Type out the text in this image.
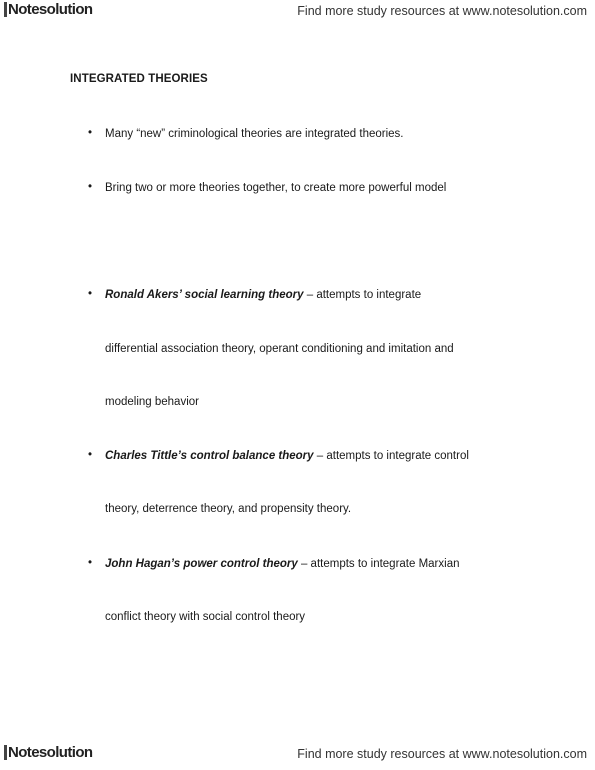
Notesolution	Find more study resources at www.notesolution.com
INTEGRATED THEORIES
• Many “new” criminological theories are integrated theories.
• Bring two or more theories together, to create more powerful model
• Ronald Akers’ social learning theory – attempts to integrate
differential association theory, operant conditioning and imitation and
modeling behavior
• Charles Tittle’s control balance theory – attempts to integrate control
theory, deterrence theory, and propensity theory.
• John Hagan’s power control theory – attempts to integrate Marxian
conflict theory with social control theory
Notesolution	Find more study resources at www.notesolution.com
